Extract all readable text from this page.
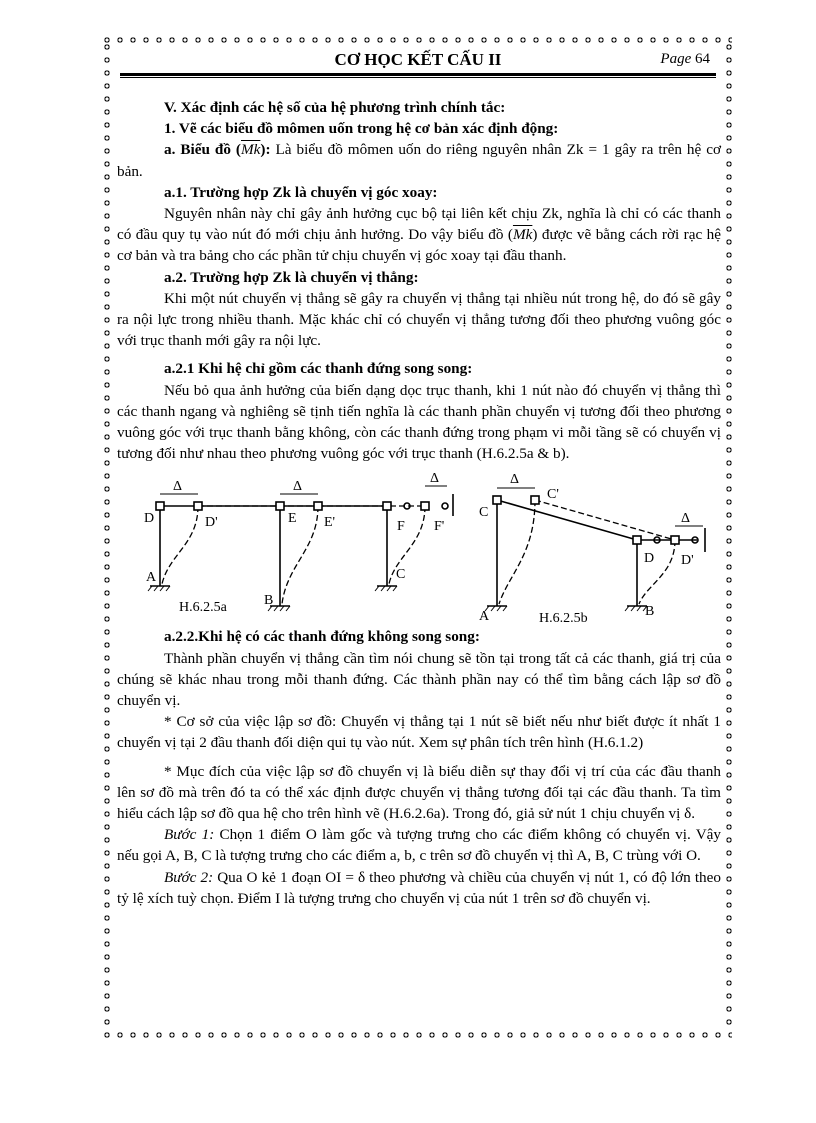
CƠ HỌC KẾT CẤU II	Page 64

V. Xác định các hệ số của hệ phương trình chính tắc:

1. Vẽ các biểu đồ mômen uốn trong hệ cơ bản xác định động:

a. Biểu đồ $(\overline{Mk})$: Là biểu đồ mômen uốn do riêng nguyên nhân Zk = 1 gây ra trên hệ cơ bản.

a.1. Trường hợp Zk là chuyển vị góc xoay:

Nguyên nhân này chỉ gây ảnh hưởng cục bộ tại liên kết chịu Zk, nghĩa là chỉ có các thanh có đầu quy tụ vào nút đó mới chịu ảnh hưởng. Do vậy biểu đồ $(\overline{Mk})$ được vẽ bằng cách rời rạc hệ cơ bản và tra bảng cho các phần tử chịu chuyển vị góc xoay tại đầu thanh.

a.2. Trường hợp Zk là chuyển vị thẳng:

Khi một nút chuyển vị thẳng sẽ gây ra chuyển vị thẳng tại nhiều nút trong hệ, do đó sẽ gây ra nội lực trong nhiều thanh. Mặc khác chỉ có chuyển vị thẳng tương đối theo phương vuông góc với trục thanh mới gây ra nội lực.

a.2.1 Khi hệ chỉ gồm các thanh đứng song song:

Nếu bỏ qua ảnh hưởng của biến dạng dọc trục thanh, khi 1 nút nào đó chuyển vị thẳng thì các thanh ngang và nghiêng sẽ tịnh tiến nghĩa là các thanh phần chuyển vị tương đối theo phương vuông góc với trục thanh bằng không, còn các thanh đứng trong phạm vi mỗi tầng sẽ có chuyển vị tương đối như nhau theo phương vuông góc với trục thanh (H.6.2.5a & b).

Δ	Δ
Δ
D	D'
A
E E'
B
F F'
C
H.6.2.5a
Δ
Δ
C
C'
A
D D'
B
H.6.2.5b

a.2.2.Khi hệ có các thanh đứng không song song:

Thành phần chuyển vị thẳng cần tìm nói chung sẽ tồn tại trong tất cả các thanh, giá trị của chúng sẽ khác nhau trong mỗi thanh đứng. Các thành phần nay có thể tìm bằng cách lập sơ đồ chuyển vị.

* Cơ sở của việc lập sơ đồ: Chuyển vị thẳng tại 1 nút sẽ biết nếu như biết được ít nhất 1 chuyển vị tại 2 đầu thanh đối diện qui tụ vào nút. Xem sự phân tích trên hình (H.6.1.2)

* Mục đích của việc lập sơ đồ chuyển vị là biểu diễn sự thay đổi vị trí của các đầu thanh lên sơ đồ mà trên đó ta có thể xác định được chuyển vị thẳng tương đối tại các đầu thanh. Ta tìm hiểu cách lập sơ đồ qua hệ cho trên hình vẽ (H.6.2.6a). Trong đó, giả sử nút 1 chịu chuyển vị δ.

Bước 1: Chọn 1 điểm O làm gốc và tượng trưng cho các điểm không có chuyển vị. Vậy nếu gọi A, B, C là tượng trưng cho các điểm a, b, c trên sơ đồ chuyển vị thì A, B, C trùng với O.

Bước 2: Qua O kẻ 1 đoạn OI = δ theo phương và chiều của chuyển vị nút 1, có độ lớn theo tỷ lệ xích tuỳ chọn. Điểm I là tượng trưng cho chuyển vị của nút 1 trên sơ đồ chuyển vị.
